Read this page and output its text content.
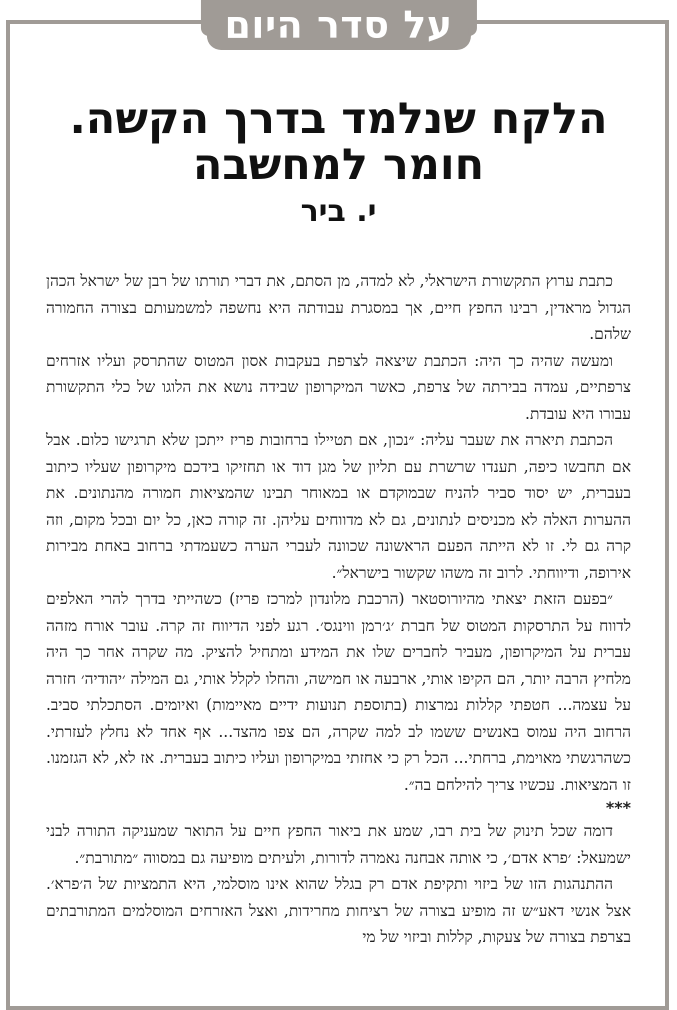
על סדר היום
הלקח שנלמד בדרך הקשה.
חומר למחשבה
י. ביר

כתבת ערוץ התקשורת הישראלי, לא למדה, מן הסתם, את דברי תורתו של רבן של ישראל הכהן הגדול מראדין, רבינו החפץ חיים, אך במסגרת עבודתה היא נחשפה למשמעותם בצורה החמורה שלהם.

ומעשה שהיה כך היה: הכתבת שיצאה לצרפת בעקבות אסון המטוס שהתרסק ועליו אזרחים צרפתיים, עמדה בבירתה של צרפת, כאשר המיקרופון שבידה נושא את הלוגו של כלי התקשורת עבורו היא עובדת.

הכתבת תיארה את שעבר עליה: ״נכון, אם תטיילו ברחובות פריז ייתכן שלא תרגישו כלום. אבל אם תחבשו כיפה, תענדו שרשרת עם תליון של מגן דוד או תחזיקו בידכם מיקרופון שעליו כיתוב בעברית, יש יסוד סביר להניח שבמוקדם או במאוחר תבינו שהמציאות חמורה מהנתונים. את ההערות האלה לא מכניסים לנתונים, גם לא מדווחים עליהן. זה קורה כאן, כל יום ובכל מקום, וזה קרה גם לי. זו לא הייתה הפעם הראשונה שכוונה לעברי הערה כשעמדתי ברחוב באחת מבירות אירופה, ודיווחתי. לרוב זה משהו שקשור בישראל״.

״בפעם הזאת יצאתי מהיורוסטאר (הרכבת מלונדון למרכז פריז) כשהייתי בדרך להרי האלפים לדווח על התרסקות המטוס של חברת ׳ג׳רמן ווינגס׳. רגע לפני הדיווח זה קרה. עובר אורח מזהה עברית על המיקרופון, מעביר לחברים שלו את המידע ומתחיל להציק. מה שקרה אחר כך היה מלחיץ הרבה יותר, הם הקיפו אותי, ארבעה או חמישה, והחלו לקלל אותי, גם המילה ׳יהודיה׳ חזרה על עצמה... חטפתי קללות נמרצות (בתוספת תנועות ידיים מאיימות) ואיומים. הסתכלתי סביב. הרחוב היה עמוס באנשים ששמו לב למה שקרה, הם צפו מהצד... אף אחד לא נחלץ לעזרתי. כשהרגשתי מאוימת, ברחתי... הכל רק כי אחזתי במיקרופון ועליו כיתוב בעברית. אז לא, לא הגזמנו. זו המציאות. עכשיו צריך להילחם בה״.

***

דומה שכל תינוק של בית רבו, שמע את ביאור החפץ חיים על התואר שמעניקה התורה לבני ישמעאל: ׳פרא אדם׳, כי אותה אבחנה נאמרה לדורות, ולעיתים מופיעה גם במסווה ״מתורבת״.

ההתנהגות הזו של ביזוי ותקיפת אדם רק בגלל שהוא אינו מוסלמי, היא התמציות של ה׳פרא׳. אצל אנשי דאע״ש זה מופיע בצורה של רציחות מחרידות, ואצל האזרחים המוסלמים המתורבתים בצרפת בצורה של צעקות, קללות וביזוי של מי
